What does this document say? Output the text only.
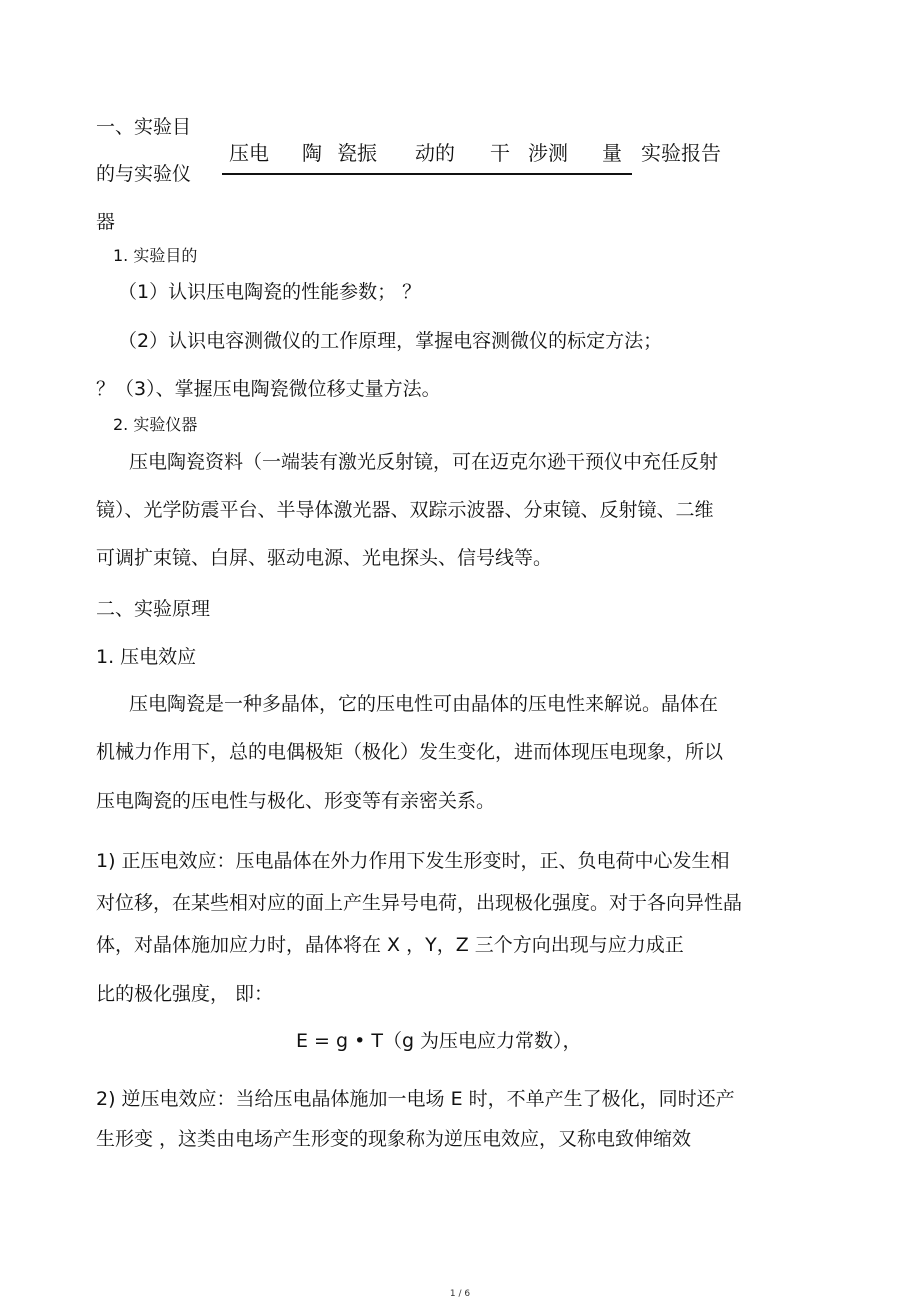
一、实验目
的与实验仪
器
压电 陶 瓷振 动的 干 涉测 量 实验报告
1. 实验目的
（1）认识压电陶瓷的性能参数； ？
（2）认识电容测微仪的工作原理，掌握电容测微仪的标定方法；
？（3）、掌握压电陶瓷微位移丈量方法。
2. 实验仪器
压电陶瓷资料（一端装有激光反射镜，可在迈克尔逊干预仪中充任反射
镜）、光学防震平台、半导体激光器、双踪示波器、分束镜、反射镜、二维
可调扩束镜、白屏、驱动电源、光电探头、信号线等。
二、实验原理
1. 压电效应
压电陶瓷是一种多晶体，它的压电性可由晶体的压电性来解说。晶体在
机械力作用下，总的电偶极矩（极化）发生变化，进而体现压电现象，所以
压电陶瓷的压电性与极化、形变等有亲密关系。
1) 正压电效应：压电晶体在外力作用下发生形变时，正、负电荷中心发生相
对位移，在某些相对应的面上产生异号电荷，出现极化强度。对于各向异性晶
体，对晶体施加应力时，晶体将在 X ，Y，Z 三个方向出现与应力成正
比的极化强度， 即：
E = g • T（g 为压电应力常数），
2) 逆压电效应：当给压电晶体施加一电场 E 时，不单产生了极化，同时还产
生形变 ，这类由电场产生形变的现象称为逆压电效应，又称电致伸缩效
1 / 6
